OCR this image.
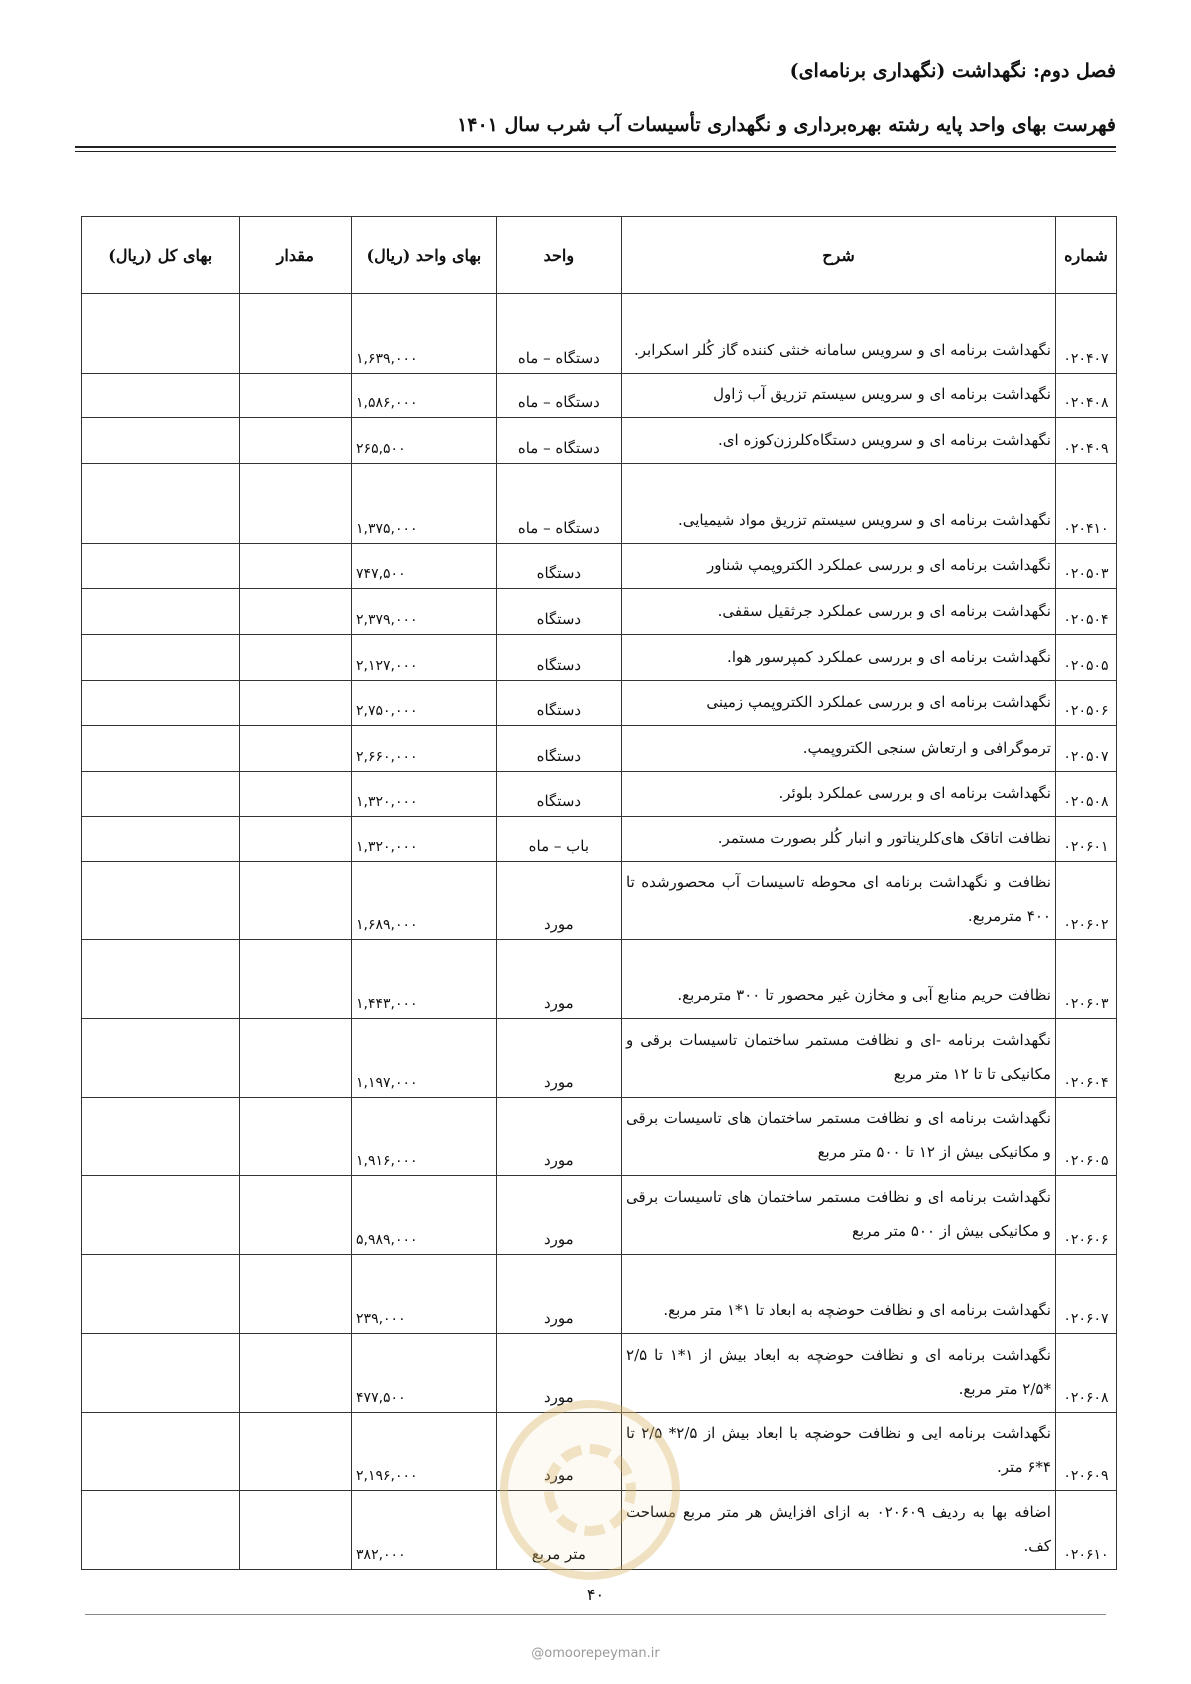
فصل دوم: نگهداشت (نگهداری برنامه‌ای)

فهرست بهای واحد پایه رشته بهره‌برداری و نگهداری تأسیسات آب شرب سال ۱۴۰۱

شماره	شرح	واحد	بهای واحد (ریال)	مقدار	بهای کل (ریال)
۰۲۰۴۰۷	نگهداشت برنامه ای و سرویس سامانه خنثی کننده گاز کُلر اسکرابر.	دستگاه – ماه	۱,۶۳۹,۰۰۰		
۰۲۰۴۰۸	نگهداشت برنامه ای و سرویس سیستم تزریق آب ژاول	دستگاه – ماه	۱,۵۸۶,۰۰۰		
۰۲۰۴۰۹	نگهداشت برنامه ای و سرویس دستگاه‌کلرزن‌کوزه ای.	دستگاه – ماه	۲۶۵,۵۰۰		
۰۲۰۴۱۰	نگهداشت برنامه ای و سرویس سیستم تزریق مواد شیمیایی.	دستگاه – ماه	۱,۳۷۵,۰۰۰		
۰۲۰۵۰۳	نگهداشت برنامه ای و بررسی عملکرد الکتروپمپ شناور	دستگاه	۷۴۷,۵۰۰		
۰۲۰۵۰۴	نگهداشت برنامه ای و بررسی عملکرد جرثقیل سقفی.	دستگاه	۲,۳۷۹,۰۰۰		
۰۲۰۵۰۵	نگهداشت برنامه ای و بررسی عملکرد کمپرسور هوا.	دستگاه	۲,۱۲۷,۰۰۰		
۰۲۰۵۰۶	نگهداشت برنامه ای و بررسی عملکرد الکتروپمپ زمینی	دستگاه	۲,۷۵۰,۰۰۰		
۰۲۰۵۰۷	ترموگرافی و ارتعاش سنجی الکتروپمپ.	دستگاه	۲,۶۶۰,۰۰۰		
۰۲۰۵۰۸	نگهداشت برنامه ای و بررسی عملکرد بلوئر.	دستگاه	۱,۳۲۰,۰۰۰		
۰۲۰۶۰۱	نظافت اتاقک های‌کلریناتور و انبار کُلر بصورت مستمر.	باب – ماه	۱,۳۲۰,۰۰۰		
۰۲۰۶۰۲	نظافت و نگهداشت برنامه ای محوطه تاسیسات آب محصورشده تا ۴۰۰ مترمربع.	مورد	۱,۶۸۹,۰۰۰		
۰۲۰۶۰۳	نظافت حریم منابع آبی و مخازن غیر محصور تا ۳۰۰ مترمربع.	مورد	۱,۴۴۳,۰۰۰		
۰۲۰۶۰۴	نگهداشت برنامه -ای و نظافت مستمر ساختمان تاسیسات برقی و مکانیکی تا تا ۱۲ متر مربع	مورد	۱,۱۹۷,۰۰۰		
۰۲۰۶۰۵	نگهداشت برنامه ای و نظافت مستمر ساختمان های تاسیسات برقی و مکانیکی بیش از ۱۲ تا ۵۰۰ متر مربع	مورد	۱,۹۱۶,۰۰۰		
۰۲۰۶۰۶	نگهداشت برنامه ای و نظافت مستمر ساختمان های تاسیسات برقی و مکانیکی بیش از ۵۰۰ متر مربع	مورد	۵,۹۸۹,۰۰۰		
۰۲۰۶۰۷	نگهداشت برنامه ای و نظافت حوضچه به ابعاد تا ۱*۱ متر مربع.	مورد	۲۳۹,۰۰۰		
۰۲۰۶۰۸	نگهداشت برنامه ای و نظافت حوضچه به ابعاد بیش از ۱*۱ تا ۲/۵ *۲/۵ متر مربع.	مورد	۴۷۷,۵۰۰		
۰۲۰۶۰۹	نگهداشت برنامه ایی و نظافت حوضچه با ابعاد بیش از ۲/۵* ۲/۵ تا ۴*۶ متر.	مورد	۲,۱۹۶,۰۰۰		
۰۲۰۶۱۰	اضافه بها به ردیف ۰۲۰۶۰۹ به ازای افزایش هر متر مربع مساحت کف.	متر مربع	۳۸۲,۰۰۰		
۴۰
@omoorepeyman.ir
